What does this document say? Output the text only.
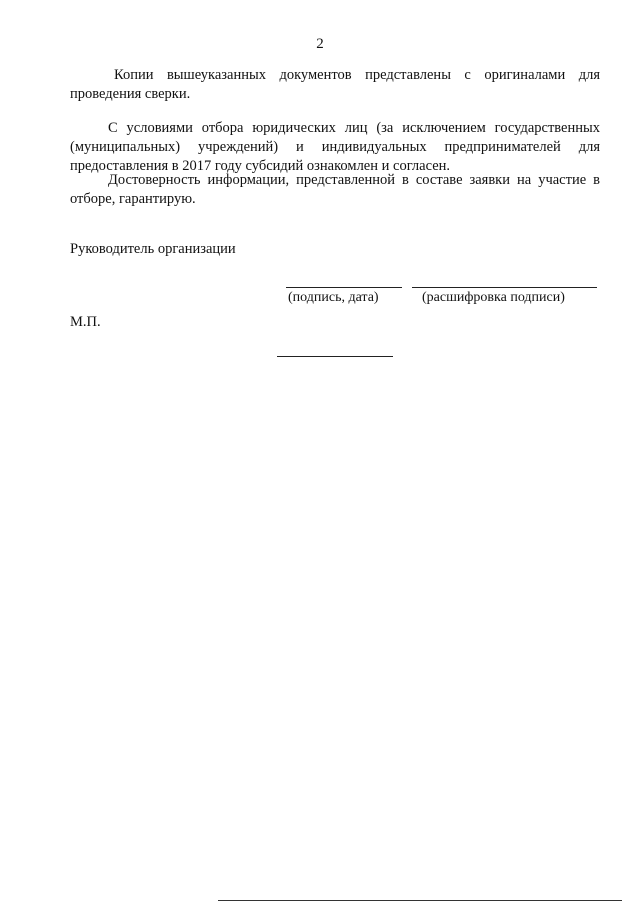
2

Копии вышеуказанных документов представлены с оригиналами для проведения сверки.

С условиями отбора юридических лиц (за исключением государственных (муниципальных) учреждений) и индивидуальных предпринимателей для предоставления в 2017 году субсидий ознакомлен и согласен.

Достоверность информации, представленной в составе заявки на участие в отборе, гарантирую.

Руководитель организации
(подпись, дата)	(расшифровка подписи)
М.П.
